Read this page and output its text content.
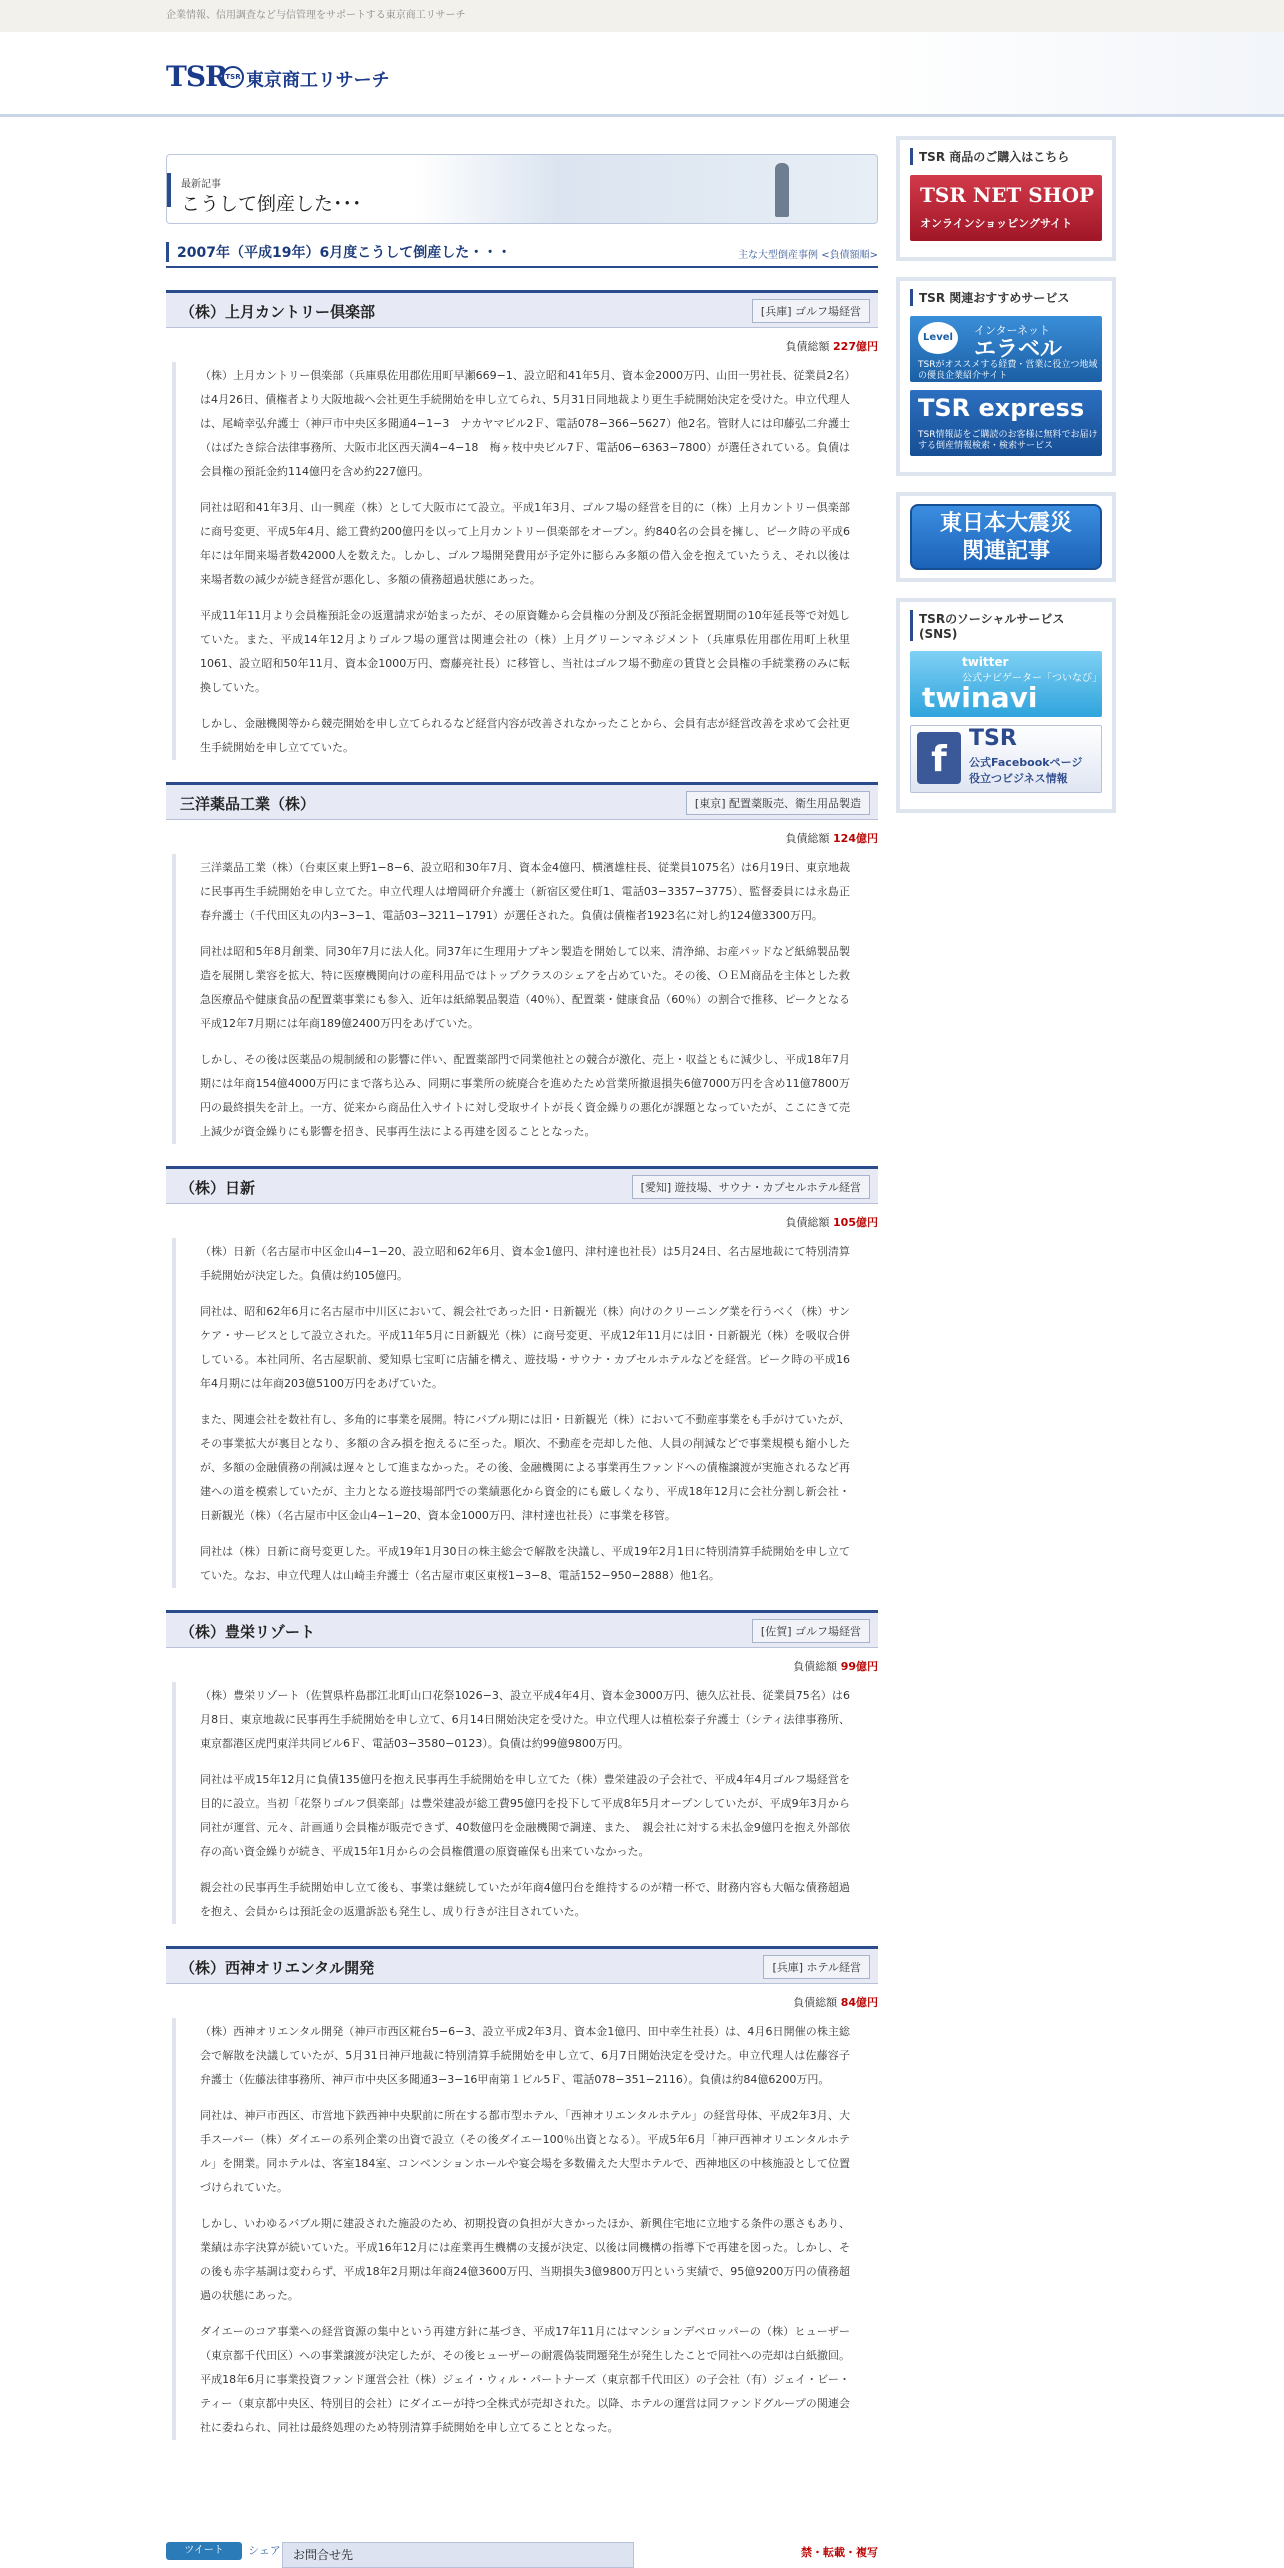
企業情報、信用調査など与信管理をサポートする東京商工リサーチ
TSR
TSR 東京商工リサーチ
最新記事
こうして倒産した･･･
2007年（平成19年）6月度こうして倒産した・・・	主な大型倒産事例 <負債額順>
（株）上月カントリー倶楽部	[兵庫] ゴルフ場経営
負債総額 227億円

（株）上月カントリー倶楽部（兵庫県佐用郡佐用町早瀬669−1、設立昭和41年5月、資本金2000万円、山田一男社長、従業員2名）は4月26日、債権者より大阪地裁へ会社更生手続開始を申し立てられ、5月31日同地裁より更生手続開始決定を受けた。申立代理人は、尾崎幸弘弁護士（神戸市中央区多聞通4−1−3　ナカヤマビル2Ｆ、電話078−366−5627）他2名。管財人には印藤弘二弁護士（はばたき綜合法律事務所、大阪市北区西天満4−4−18　梅ヶ枝中央ビル7Ｆ、電話06−6363−7800）が選任されている。負債は会員権の預託金約114億円を含め約227億円。

同社は昭和41年3月、山一興産（株）として大阪市にて設立。平成1年3月、ゴルフ場の経営を目的に（株）上月カントリー倶楽部に商号変更、平成5年4月、総工費約200億円を以って上月カントリー倶楽部をオープン。約840名の会員を擁し、ピーク時の平成6年には年間来場者数42000人を数えた。しかし、ゴルフ場開発費用が予定外に膨らみ多額の借入金を抱えていたうえ、それ以後は来場者数の減少が続き経営が悪化し、多額の債務超過状態にあった。

平成11年11月より会員権預託金の返還請求が始まったが、その原資難から会員権の分割及び預託金据置期間の10年延長等で対処していた。また、平成14年12月よりゴルフ場の運営は関連会社の（株）上月グリーンマネジメント（兵庫県佐用郡佐用町上秋里1061、設立昭和50年11月、資本金1000万円、齋藤亮社長）に移管し、当社はゴルフ場不動産の賃貸と会員権の手続業務のみに転換していた。

しかし、金融機関等から競売開始を申し立てられるなど経営内容が改善されなかったことから、会員有志が経営改善を求めて会社更生手続開始を申し立てていた。

三洋薬品工業（株）	[東京] 配置薬販売、衛生用品製造
負債総額 124億円

三洋薬品工業（株）（台東区東上野1−8−6、設立昭和30年7月、資本金4億円、横濱雄柱長、従業員1075名）は6月19日、東京地裁に民事再生手続開始を申し立てた。申立代理人は増岡研介弁護士（新宿区愛住町1、電話03−3357−3775）、監督委員には永島正春弁護士（千代田区丸の内3−3−1、電話03−3211−1791）が選任された。負債は債権者1923名に対し約124億3300万円。

同社は昭和5年8月創業、同30年7月に法人化。同37年に生理用ナプキン製造を開始して以来、清浄綿、お産パッドなど紙綿製品製造を展開し業容を拡大、特に医療機関向けの産科用品ではトップクラスのシェアを占めていた。その後、ＯＥＭ商品を主体とした救急医療品や健康食品の配置薬事業にも参入、近年は紙綿製品製造（40％）、配置薬・健康食品（60％）の割合で推移、ピークとなる平成12年7月期には年商189億2400万円をあげていた。

しかし、その後は医薬品の規制緩和の影響に伴い、配置薬部門で同業他社との競合が激化、売上・収益ともに減少し、平成18年7月期には年商154億4000万円にまで落ち込み、同期に事業所の統廃合を進めたため営業所撤退損失6億7000万円を含め11億7800万円の最終損失を計上。一方、従来から商品仕入サイトに対し受取サイトが長く資金繰りの悪化が課題となっていたが、ここにきて売上減少が資金繰りにも影響を招き、民事再生法による再建を図ることとなった。

（株）日新	[愛知] 遊技場、サウナ・カプセルホテル経営
負債総額 105億円

（株）日新（名古屋市中区金山4−1−20、設立昭和62年6月、資本金1億円、津村達也社長）は5月24日、名古屋地裁にて特別清算手続開始が決定した。負債は約105億円。

同社は、昭和62年6月に名古屋市中川区において、親会社であった旧・日新観光（株）向けのクリーニング業を行うべく（株）サンケア・サービスとして設立された。平成11年5月に日新観光（株）に商号変更、平成12年11月には旧・日新観光（株）を吸収合併している。本社同所、名古屋駅前、愛知県七宝町に店舗を構え、遊技場・サウナ・カプセルホテルなどを経営。ピーク時の平成16年4月期には年商203億5100万円をあげていた。

また、関連会社を数社有し、多角的に事業を展開。特にバブル期には旧・日新観光（株）において不動産事業をも手がけていたが、その事業拡大が裏目となり、多額の含み損を抱えるに至った。順次、不動産を売却した他、人員の削減などで事業規模も縮小したが、多額の金融債務の削減は遅々として進まなかった。その後、金融機関による事業再生ファンドへの債権譲渡が実施されるなど再建への道を模索していたが、主力となる遊技場部門での業績悪化から資金的にも厳しくなり、平成18年12月に会社分割し新会社・日新観光（株）（名古屋市中区金山4−1−20、資本金1000万円、津村達也社長）に事業を移管。

同社は（株）日新に商号変更した。平成19年1月30日の株主総会で解散を決議し、平成19年2月1日に特別清算手続開始を申し立てていた。なお、申立代理人は山崎圭弁護士（名古屋市東区東桜1−3−8、電話152−950−2888）他1名。

（株）豊栄リゾート	[佐賀] ゴルフ場経営
負債総額 99億円

（株）豊栄リゾート（佐賀県杵島郡江北町山口花祭1026−3、設立平成4年4月、資本金3000万円、徳久広社長、従業員75名）は6月8日、東京地裁に民事再生手続開始を申し立て、6月14日開始決定を受けた。申立代理人は植松泰子弁護士（シティ法律事務所、東京都港区虎門東洋共同ビル6Ｆ、電話03−3580−0123）。負債は約99億9800万円。

同社は平成15年12月に負債135億円を抱え民事再生手続開始を申し立てた（株）豊栄建設の子会社で、平成4年4月ゴルフ場経営を目的に設立。当初「花祭りゴルフ倶楽部」は豊栄建設が総工費95億円を投下して平成8年5月オープンしていたが、平成9年3月から同社が運営、元々、計画通り会員権が販売できず、40数億円を金融機関で調達、また、　親会社に対する未払金9億円を抱え外部依存の高い資金繰りが続き、平成15年1月からの会員権償還の原資確保も出来ていなかった。

親会社の民事再生手続開始申し立て後も、事業は継続していたが年商4億円台を維持するのが精一杯で、財務内容も大幅な債務超過を抱え、会員からは預託金の返還訴訟も発生し、成り行きが注目されていた。

（株）西神オリエンタル開発	[兵庫] ホテル経営
負債総額 84億円

（株）西神オリエンタル開発（神戸市西区糀台5−6−3、設立平成2年3月、資本金1億円、田中幸生社長）は、4月6日開催の株主総会で解散を決議していたが、5月31日神戸地裁に特別清算手続開始を申し立て、6月7日開始決定を受けた。申立代理人は佐藤容子弁護士（佐藤法律事務所、神戸市中央区多聞通3−3−16甲南第１ビル5Ｆ、電話078−351−2116）。負債は約84億6200万円。

同社は、神戸市西区、市営地下鉄西神中央駅前に所在する都市型ホテル、「西神オリエンタルホテル」の経営母体、平成2年3月、大手スーパー（株）ダイエーの系列企業の出資で設立（その後ダイエー100％出資となる）。平成5年6月「神戸西神オリエンタルホテル」を開業。同ホテルは、客室184室、コンベンションホールや宴会場を多数備えた大型ホテルで、西神地区の中核施設として位置づけられていた。

しかし、いわゆるバブル期に建設された施設のため、初期投資の負担が大きかったほか、新興住宅地に立地する条件の悪さもあり、業績は赤字決算が続いていた。平成16年12月には産業再生機構の支援が決定、以後は同機構の指導下で再建を図った。しかし、その後も赤字基調は変わらず、平成18年2月期は年商24億3600万円、当期損失3億9800万円という実績で、95億9200万円の債務超過の状態にあった。

ダイエーのコア事業への経営資源の集中という再建方針に基づき、平成17年11月にはマンションデベロッパーの（株）ヒューザー（東京都千代田区）への事業譲渡が決定したが、その後ヒューザーの耐震偽装問題発生が発生したことで同社への売却は白紙撤回。平成18年6月に事業投資ファンド運営会社（株）ジェイ・ウィル・パートナーズ（東京都千代田区）の子会社（有）ジェイ・ビー・ティー（東京都中央区、特別目的会社）にダイエーが持つ全株式が売却された。以降、ホテルの運営は同ファンドグループの関連会社に委ねられ、同社は最終処理のため特別清算手続開始を申し立てることとなった。

ツイート	シェア	お問合せ先	禁・転載・複写
TSR 商品のご購入はこちら
TSR NET SHOP
オンラインショッピングサイト
TSR 関連おすすめサービス
Level
インターネット
エラベル
TSRがオススメする経費・営業に役立つ地域の優良企業紹介サイト
TSR express
TSR情報誌をご購読のお客様に無料でお届けする倒産情報検索・検索サービス
東日本大震災
関連記事
TSRのソーシャルサービス(SNS)
twitter
公式ナビゲーター「ついなび」
twinavi
f
TSR
公式Facebookページ
役立つビジネス情報
